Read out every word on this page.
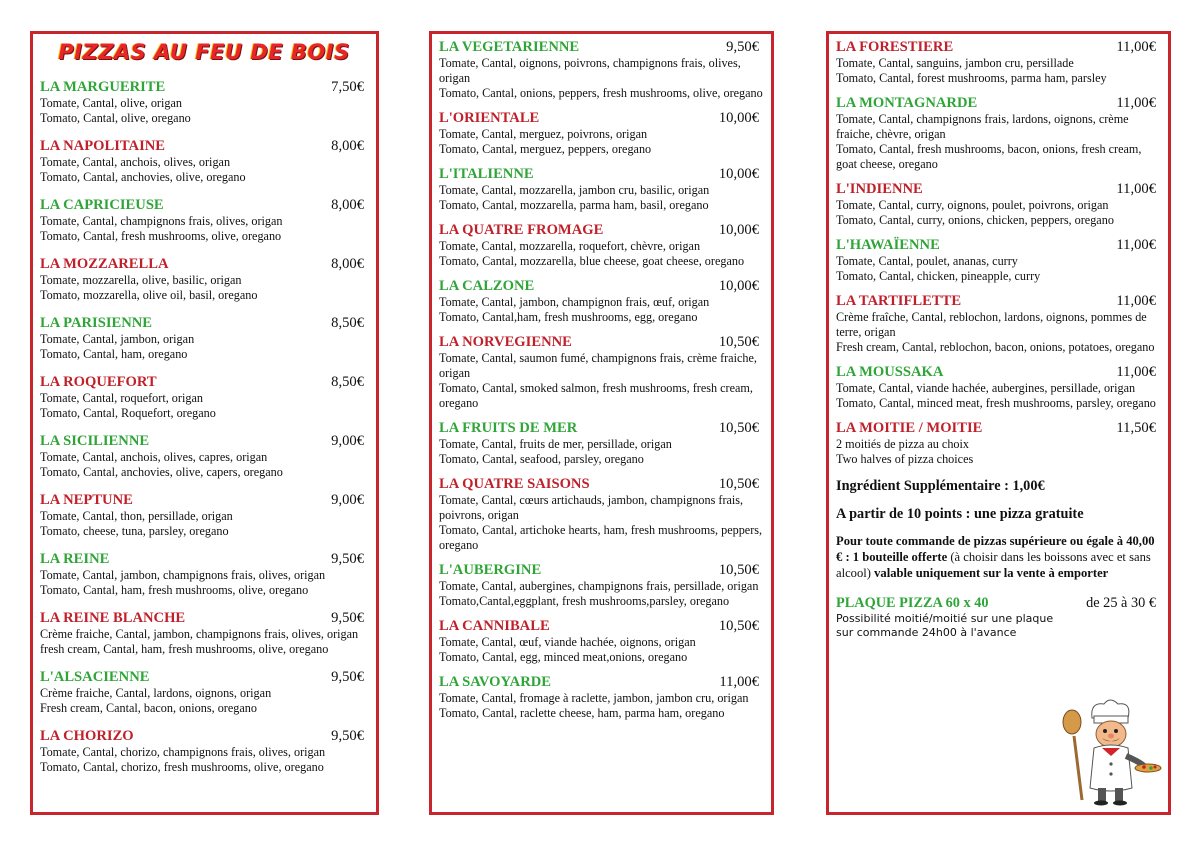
PIZZAS AU FEU DE BOIS
LA MARGUERITE	7,50€
Tomate, Cantal, olive, origan
Tomato, Cantal, olive, oregano
LA NAPOLITAINE	8,00€
Tomate, Cantal, anchois, olives, origan
Tomato, Cantal, anchovies, olive, oregano
LA CAPRICIEUSE	8,00€
Tomate, Cantal, champignons frais, olives, origan
Tomato, Cantal, fresh mushrooms, olive, oregano
LA MOZZARELLA	8,00€
Tomate, mozzarella, olive, basilic, origan
Tomato, mozzarella, olive oil, basil, oregano
LA PARISIENNE	8,50€
Tomate, Cantal, jambon, origan
Tomato, Cantal, ham, oregano
LA ROQUEFORT	8,50€
Tomate, Cantal, roquefort, origan
Tomato, Cantal, Roquefort, oregano
LA SICILIENNE	9,00€
Tomate, Cantal, anchois, olives, capres, origan
Tomato, Cantal, anchovies, olive, capers, oregano
LA NEPTUNE	9,00€
Tomate, Cantal, thon, persillade, origan
Tomato, cheese, tuna, parsley, oregano
LA REINE	9,50€
Tomate, Cantal, jambon, champignons frais, olives, origan
Tomato, Cantal, ham, fresh mushrooms, olive, oregano
LA REINE BLANCHE	9,50€
Crème fraiche, Cantal, jambon, champignons frais, olives, origan
fresh cream, Cantal, ham, fresh mushrooms, olive, oregano
L'ALSACIENNE	9,50€
Crème fraiche, Cantal, lardons, oignons, origan
Fresh cream, Cantal, bacon, onions, oregano
LA CHORIZO	9,50€
Tomate, Cantal, chorizo, champignons frais, olives, origan
Tomato, Cantal, chorizo, fresh mushrooms, olive, oregano
LA VEGETARIENNE	9,50€
Tomate, Cantal, oignons, poivrons, champignons frais, olives, origan
Tomato, Cantal, onions, peppers, fresh mushrooms, olive, oregano
L'ORIENTALE	10,00€
Tomate, Cantal, merguez, poivrons, origan
Tomato, Cantal, merguez, peppers, oregano
L'ITALIENNE	10,00€
Tomate, Cantal, mozzarella, jambon cru, basilic, origan
Tomato, Cantal, mozzarella, parma ham, basil, oregano
LA QUATRE FROMAGE	10,00€
Tomate, Cantal, mozzarella, roquefort, chèvre, origan
Tomato, Cantal, mozzarella, blue cheese, goat cheese, oregano
LA CALZONE	10,00€
Tomate, Cantal, jambon, champignon frais, œuf, origan
Tomato, Cantal,ham, fresh mushrooms, egg, oregano
LA NORVEGIENNE	10,50€
Tomate, Cantal, saumon fumé, champignons frais, crème fraiche, origan
Tomato, Cantal, smoked salmon, fresh mushrooms, fresh cream, oregano
LA FRUITS DE MER	10,50€
Tomate, Cantal, fruits de mer, persillade, origan
Tomato, Cantal, seafood, parsley, oregano
LA QUATRE SAISONS	10,50€
Tomate, Cantal, cœurs artichauds, jambon, champignons frais, poivrons, origan
Tomato, Cantal, artichoke hearts, ham, fresh mushrooms, peppers, oregano
L'AUBERGINE	10,50€
Tomate, Cantal, aubergines, champignons frais, persillade, origan
Tomato,Cantal,eggplant, fresh mushrooms,parsley, oregano
LA CANNIBALE	10,50€
Tomate, Cantal, œuf, viande hachée, oignons, origan
Tomato, Cantal, egg, minced meat,onions, oregano
LA SAVOYARDE	11,00€
Tomate, Cantal, fromage à raclette, jambon, jambon cru, origan
Tomato, Cantal, raclette cheese, ham, parma ham, oregano
LA FORESTIERE	11,00€
Tomate, Cantal, sanguins, jambon cru, persillade
Tomato, Cantal, forest mushrooms, parma ham, parsley
LA MONTAGNARDE	11,00€
Tomate, Cantal, champignons frais, lardons, oignons, crème fraiche, chèvre, origan
Tomato, Cantal, fresh mushrooms, bacon, onions, fresh cream, goat cheese, oregano
L'INDIENNE	11,00€
Tomate, Cantal, curry, oignons, poulet, poivrons, origan
Tomato, Cantal, curry, onions, chicken, peppers, oregano
L'HAWAÏENNE	11,00€
Tomate, Cantal, poulet, ananas, curry
Tomato, Cantal, chicken, pineapple, curry
LA TARTIFLETTE	11,00€
Crème fraîche, Cantal, reblochon, lardons, oignons, pommes de terre, origan
Fresh cream, Cantal, reblochon, bacon, onions, potatoes, oregano
LA MOUSSAKA	11,00€
Tomate, Cantal, viande hachée, aubergines, persillade, origan
Tomato, Cantal, minced meat, fresh mushrooms, parsley, oregano
LA MOITIE / MOITIE	11,50€
2 moitiés de pizza au choix
Two halves of pizza choices
Ingrédient Supplémentaire : 1,00€
A partir de 10 points : une pizza gratuite
Pour toute commande de pizzas supérieure ou égale à 40,00 € : 1 bouteille offerte (à choisir dans les boissons avec et sans alcool) valable uniquement sur la vente à emporter
PLAQUE PIZZA 60 x 40	de 25 à 30 €
Possibilité moitié/moitié sur une plaque sur commande 24h00 à l'avance
